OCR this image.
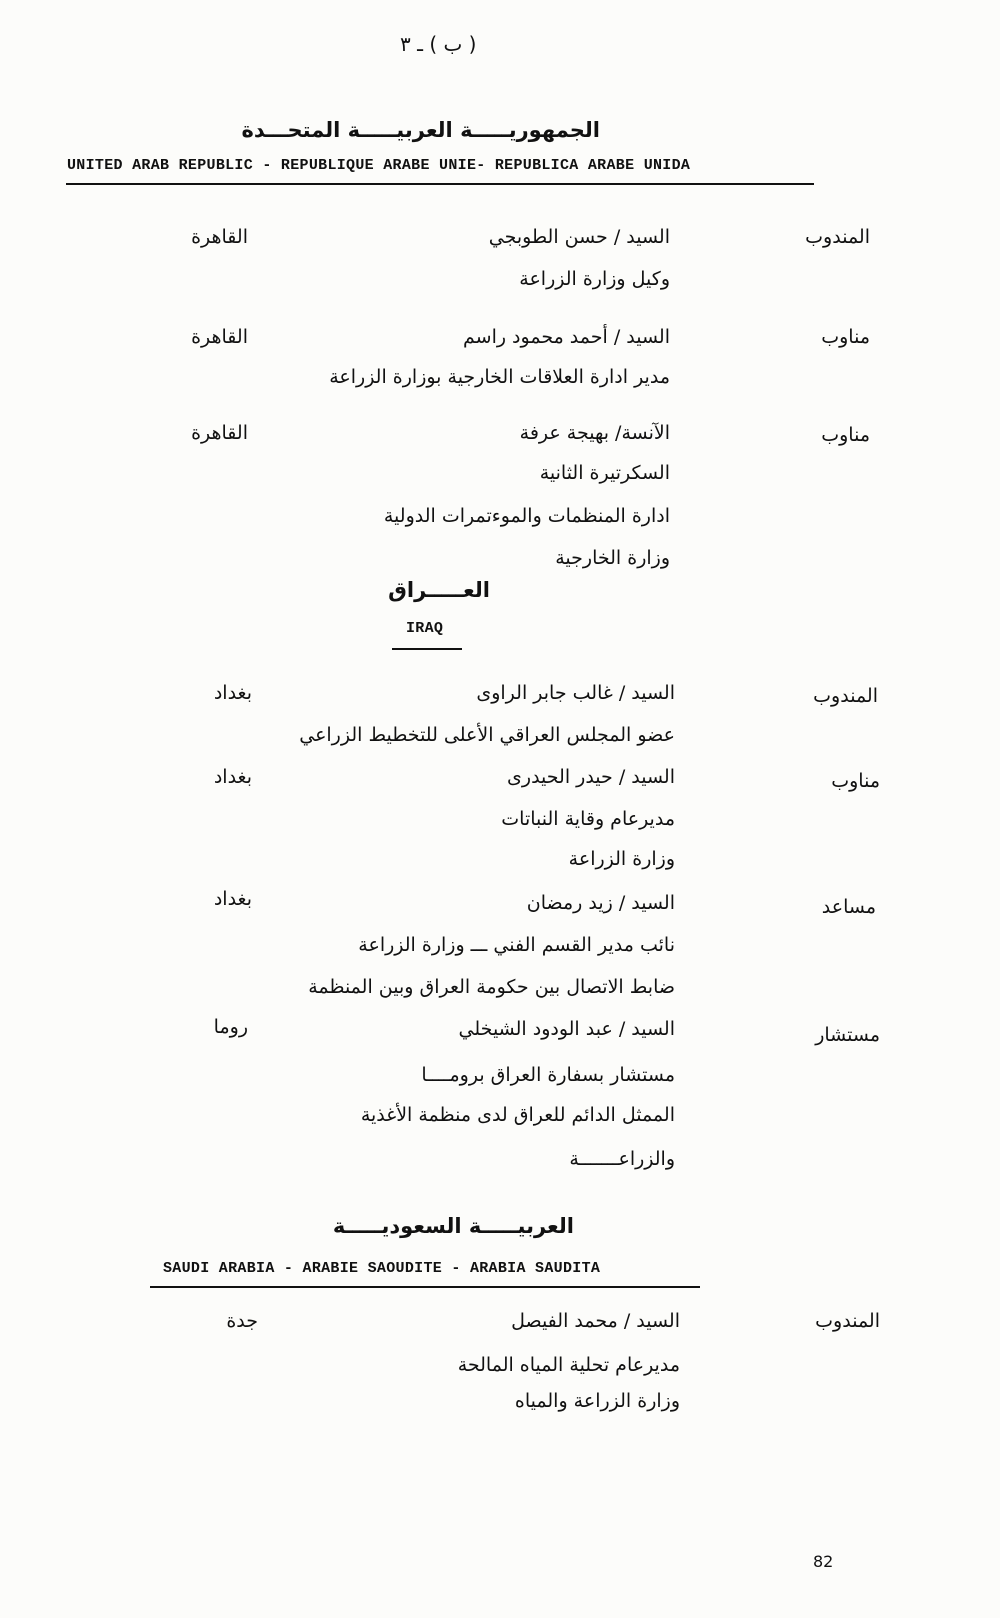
( ب ) ـ ٣
الجمهوريـــــة العربيـــــة المتحـــدة
UNITED ARAB REPUBLIC - REPUBLIQUE ARABE UNIE- REPUBLICA ARABE UNIDA
المندوب
السيد / حسن الطوبجي
القاهرة
وكيل وزارة الزراعة
مناوب
السيد / أحمد محمود راسم
القاهرة
مدير ادارة العلاقات الخارجية بوزارة الزراعة
مناوب
الآنسة/ بهيجة عرفة
القاهرة
السكرتيرة الثانية
ادارة المنظمات والموءتمرات الدولية
وزارة الخارجية
العـــــراق
IRAQ
المندوب
السيد / غالب جابر الراوى
بغداد
عضو المجلس العراقي الأعلى للتخطيط الزراعي
مناوب
السيد / حيدر الحيدرى
بغداد
مديرعام وقاية النباتات
وزارة الزراعة
مساعد
السيد / زيد رمضان
بغداد
نائب مدير القسم الفني ـــ وزارة الزراعة
ضابط الاتصال بين حكومة العراق وبين المنظمة
مستشار
السيد / عبد الودود الشيخلي
روما
مستشار بسفارة العراق برومــــا
الممثل الدائم للعراق لدى منظمة الأغذية
والزراعـــــــة
العربيـــــة السعوديـــــة
SAUDI ARABIA - ARABIE SAOUDITE - ARABIA SAUDITA
المندوب
السيد / محمد الفيصل
جدة
مديرعام تحلية المياه المالحة
وزارة الزراعة والمياه
82
